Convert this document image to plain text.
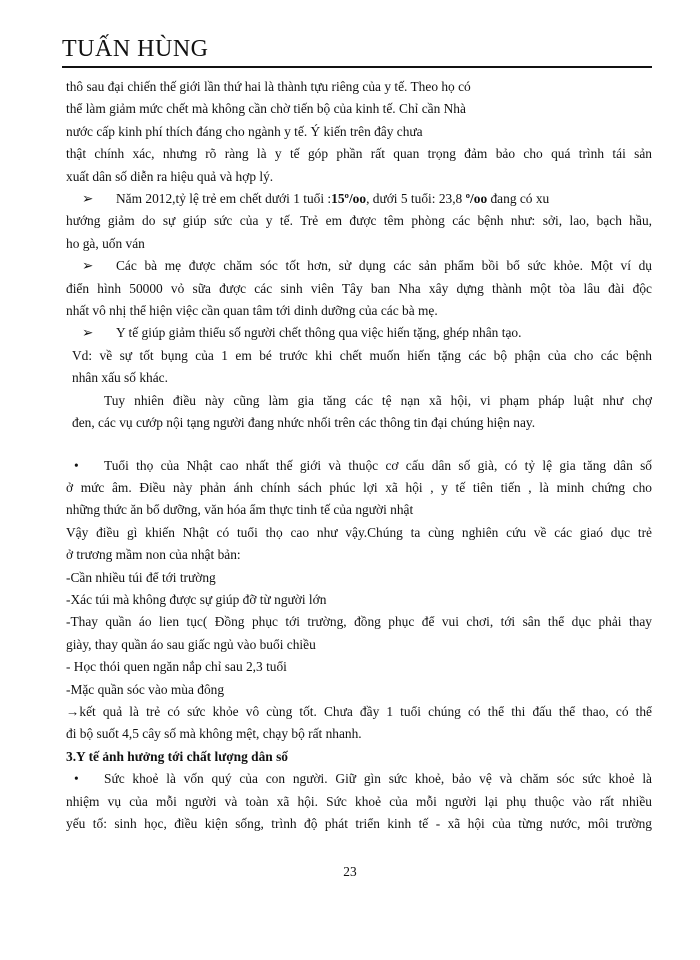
TUẤN HÙNG

thô sau đại chiến thế giới lần thứ hai là thành tựu riêng của y tế. Theo họ có

thể làm giảm mức chết mà không cần chờ tiến bộ của kinh tế. Chỉ cần Nhà

nước cấp kinh phí thích đáng cho ngành y tế. Ý kiến trên đây chưa

thật chính xác, nhưng rõ ràng là y tế góp phần rất quan trọng đảm bảo cho quá trình tái sản

xuất dân số diễn ra hiệu quả và hợp lý.

➢ Năm 2012,tỷ lệ trẻ em chết dưới 1 tuổi :15º/oo, dưới 5 tuổi: 23,8 º/oo đang có xu

hướng giảm do sự giúp sức của y tế. Trẻ em được têm phòng các bệnh như: sởi, lao, bạch hầu,

ho gà, uốn ván

➢ Các bà mẹ được chăm sóc tốt hơn, sử dụng các sản phẩm bồi bổ sức khỏe. Một ví dụ

điển hình 50000 vỏ sữa được các sinh viên Tây ban Nha xây dựng thành một tòa lâu đài độc

nhất vô nhị thể hiện việc cần quan tâm tới dinh dưỡng của các bà mẹ.

➢ Y tế giúp giảm thiểu số người chết thông qua việc hiến tặng, ghép nhân tạo.

Vd: về sự tốt bụng của 1 em bé trước khi chết muốn hiến tặng các bộ phận của cho các bệnh

nhân xấu số khác.

Tuy nhiên điều này cũng làm gia tăng các tệ nạn xã hội, vi phạm pháp luật như chợ

đen, các vụ cướp nội tạng người đang nhức nhối trên các thông tin đại chúng hiện nay.

• Tuổi thọ của Nhật cao nhất thế giới và thuộc cơ cấu dân số già, có tỷ lệ gia tăng dân số

ở mức âm. Điều này phản ánh chính sách phúc lợi xã hội , y tế tiên tiến , là minh chứng cho

những thức ăn bổ dưỡng, văn hóa ẩm thực tinh tế của người nhật

Vậy điều gì khiến Nhật có tuổi thọ cao như vậy.Chúng ta cùng nghiên cứu về các giaó dục trẻ

ở trương mầm non của nhật bản:

-Cần nhiều túi để tới trường

-Xác túi mà không được sự giúp đỡ từ người lớn

-Thay quần áo lien tục( Đồng phục tới trường, đồng phục để vui chơi, tới sân thể dục phải thay

giày, thay quần áo sau giấc ngủ vào buổi chiều

- Học thói quen ngăn nắp chỉ sau 2,3 tuổi

-Mặc quần sóc vào mùa đông

→kết quả là trẻ có sức khỏe vô cùng tốt. Chưa đầy 1 tuổi chúng có thể thi đấu thể thao, có thể

đi bộ suốt 4,5 cây số mà không mệt, chạy bộ rất nhanh.

3.Y tế ảnh hưởng tới chất lượng dân số

• Sức khoẻ là vốn quý của con người. Giữ gìn sức khoẻ, bảo vệ và chăm sóc sức khoẻ là

nhiệm vụ của mỗi người và toàn xã hội. Sức khoẻ của mỗi người lại phụ thuộc vào rất nhiều

yếu tố: sinh học, điều kiện sống, trình độ phát triển kinh tế - xã hội của từng nước, môi trường

23
